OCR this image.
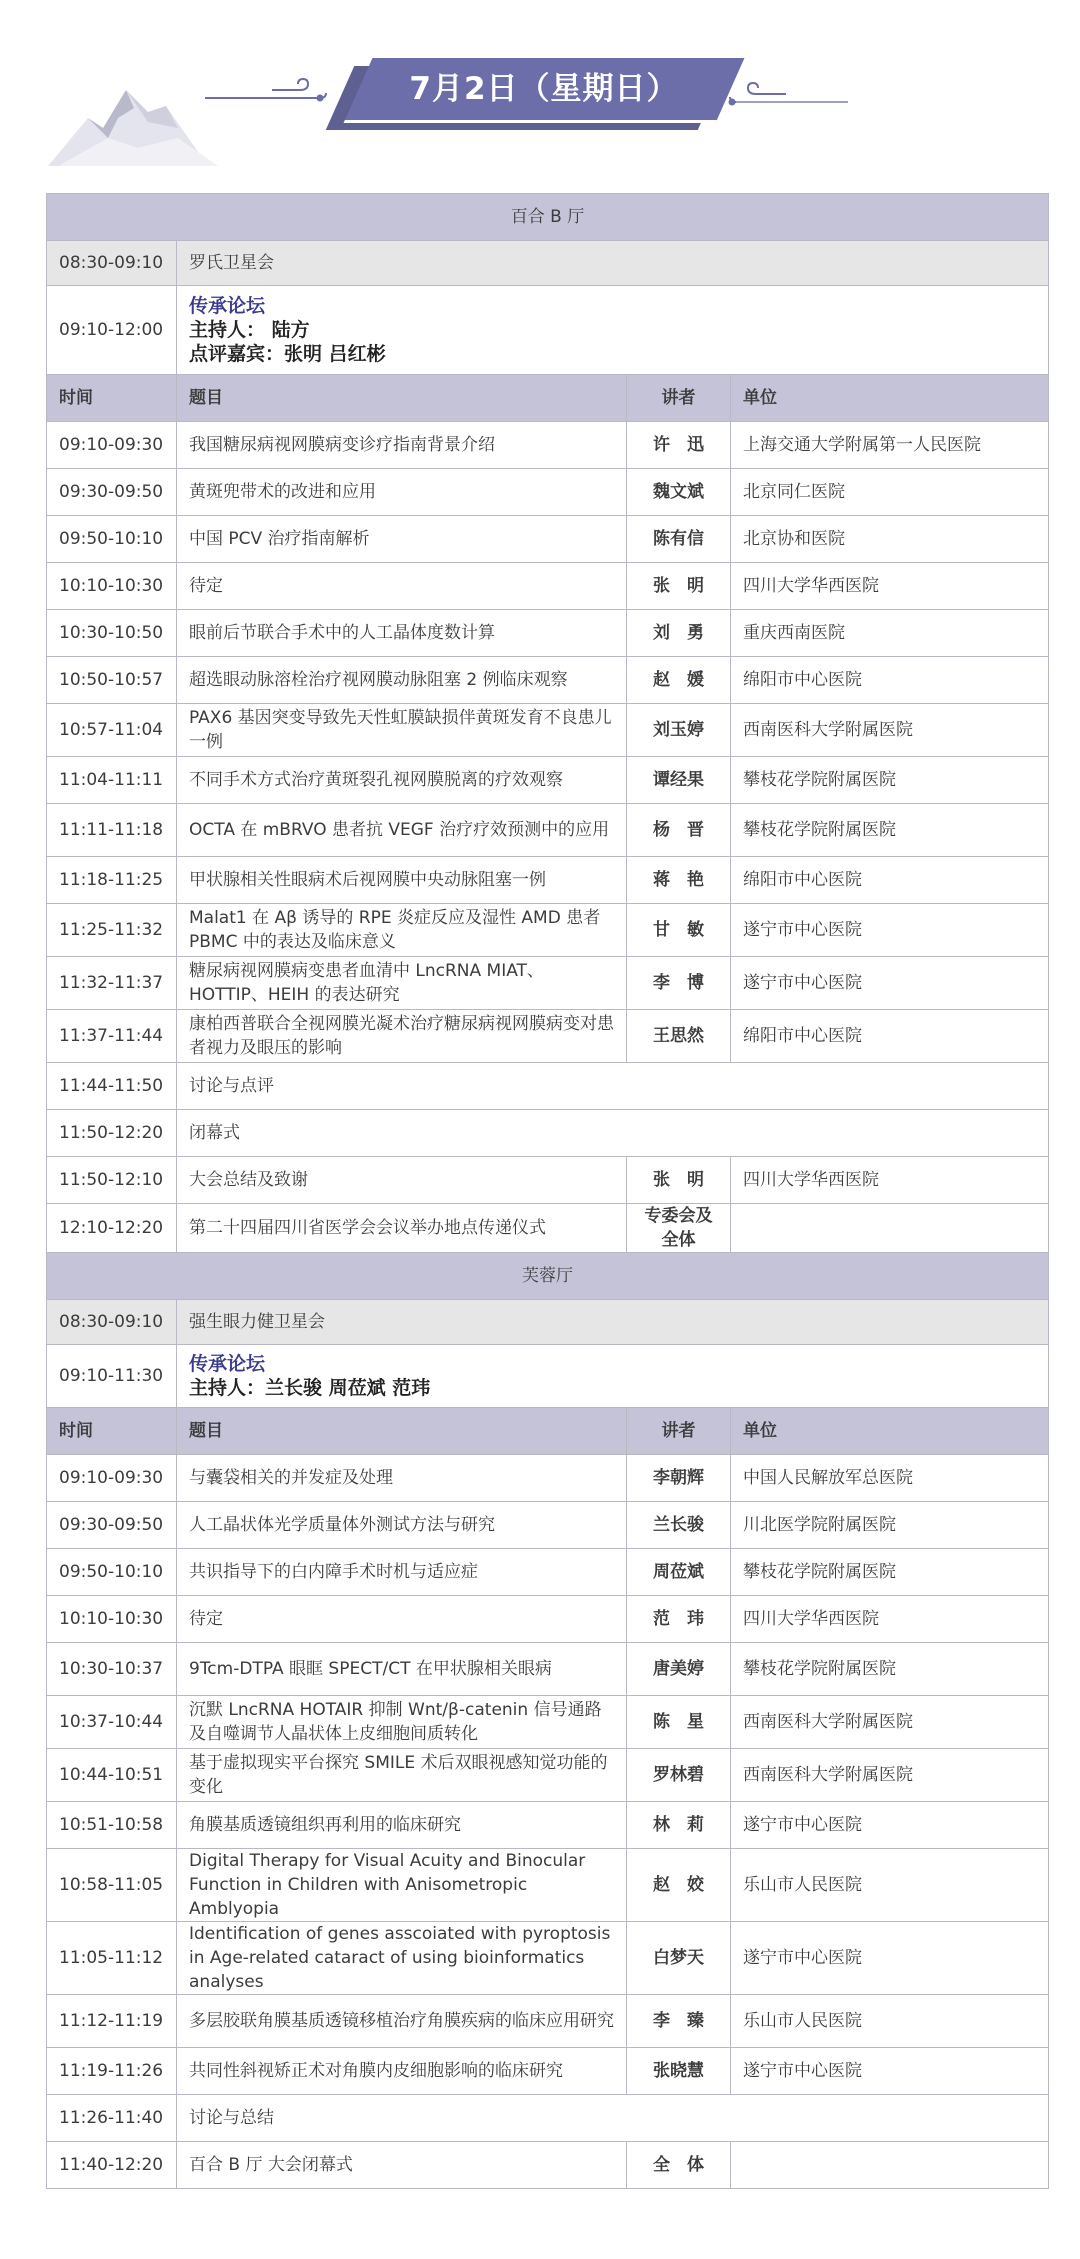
7月2日（星期日）
百合 B 厅			
08:30-09:10	罗氏卫星会		
09:10-12:00	传承论坛
主持人： 陆方
点评嘉宾：张明 吕红彬		

时间	题目	讲者	单位
09:10-09:30	我国糖尿病视网膜病变诊疗指南背景介绍	许　迅	上海交通大学附属第一人民医院
09:30-09:50	黄斑兜带术的改进和应用	魏文斌	北京同仁医院
09:50-10:10	中国 PCV 治疗指南解析	陈有信	北京协和医院
10:10-10:30	待定	张　明	四川大学华西医院
10:30-10:50	眼前后节联合手术中的人工晶体度数计算	刘　勇	重庆西南医院
10:50-10:57	超选眼动脉溶栓治疗视网膜动脉阻塞 2 例临床观察	赵　媛	绵阳市中心医院
10:57-11:04	PAX6 基因突变导致先天性虹膜缺损伴黄斑发育不良患儿一例	刘玉婷	西南医科大学附属医院
11:04-11:11	不同手术方式治疗黄斑裂孔视网膜脱离的疗效观察	谭经果	攀枝花学院附属医院
11:11-11:18	OCTA 在 mBRVO 患者抗 VEGF 治疗疗效预测中的应用	杨　晋	攀枝花学院附属医院
11:18-11:25	甲状腺相关性眼病术后视网膜中央动脉阻塞一例	蒋　艳	绵阳市中心医院
11:25-11:32	Malat1 在 Aβ 诱导的 RPE 炎症反应及湿性 AMD 患者 PBMC 中的表达及临床意义	甘　敏	遂宁市中心医院
11:32-11:37	糖尿病视网膜病变患者血清中 LncRNA MIAT、HOTTIP、HEIH 的表达研究	李　博	遂宁市中心医院
11:37-11:44	康柏西普联合全视网膜光凝术治疗糖尿病视网膜病变对患者视力及眼压的影响	王思然	绵阳市中心医院
11:44-11:50	讨论与点评		
11:50-12:20	闭幕式		
11:50-12:10	大会总结及致谢	张　明	四川大学华西医院
12:10-12:20	第二十四届四川省医学会会议举办地点传递仪式	专委会及全体	
芙蓉厅			
08:30-09:10	强生眼力健卫星会		
09:10-11:30	传承论坛
主持人：兰长骏 周莅斌 范玮		

时间	题目	讲者	单位
09:10-09:30	与囊袋相关的并发症及处理	李朝辉	中国人民解放军总医院
09:30-09:50	人工晶状体光学质量体外测试方法与研究	兰长骏	川北医学院附属医院
09:50-10:10	共识指导下的白内障手术时机与适应症	周莅斌	攀枝花学院附属医院
10:10-10:30	待定	范　玮	四川大学华西医院
10:30-10:37	9Tcm-DTPA 眼眶 SPECT/CT 在甲状腺相关眼病	唐美婷	攀枝花学院附属医院
10:37-10:44	沉默 LncRNA HOTAIR 抑制 Wnt/β-catenin 信号通路及自噬调节人晶状体上皮细胞间质转化	陈　星	西南医科大学附属医院
10:44-10:51	基于虚拟现实平台探究 SMILE 术后双眼视感知觉功能的变化	罗林碧	西南医科大学附属医院
10:51-10:58	角膜基质透镜组织再利用的临床研究	林　莉	遂宁市中心医院
10:58-11:05	Digital Therapy for Visual Acuity and Binocular Function in Children with Anisometropic Amblyopia	赵　姣	乐山市人民医院
11:05-11:12	Identification of genes asscoiated with pyroptosis in Age-related cataract of using bioinformatics analyses	白梦天	遂宁市中心医院
11:12-11:19	多层胶联角膜基质透镜移植治疗角膜疾病的临床应用研究	李　臻	乐山市人民医院
11:19-11:26	共同性斜视矫正术对角膜内皮细胞影响的临床研究	张晓慧	遂宁市中心医院
11:26-11:40	讨论与总结		
11:40-12:20	百合 B 厅 大会闭幕式	全　体	
